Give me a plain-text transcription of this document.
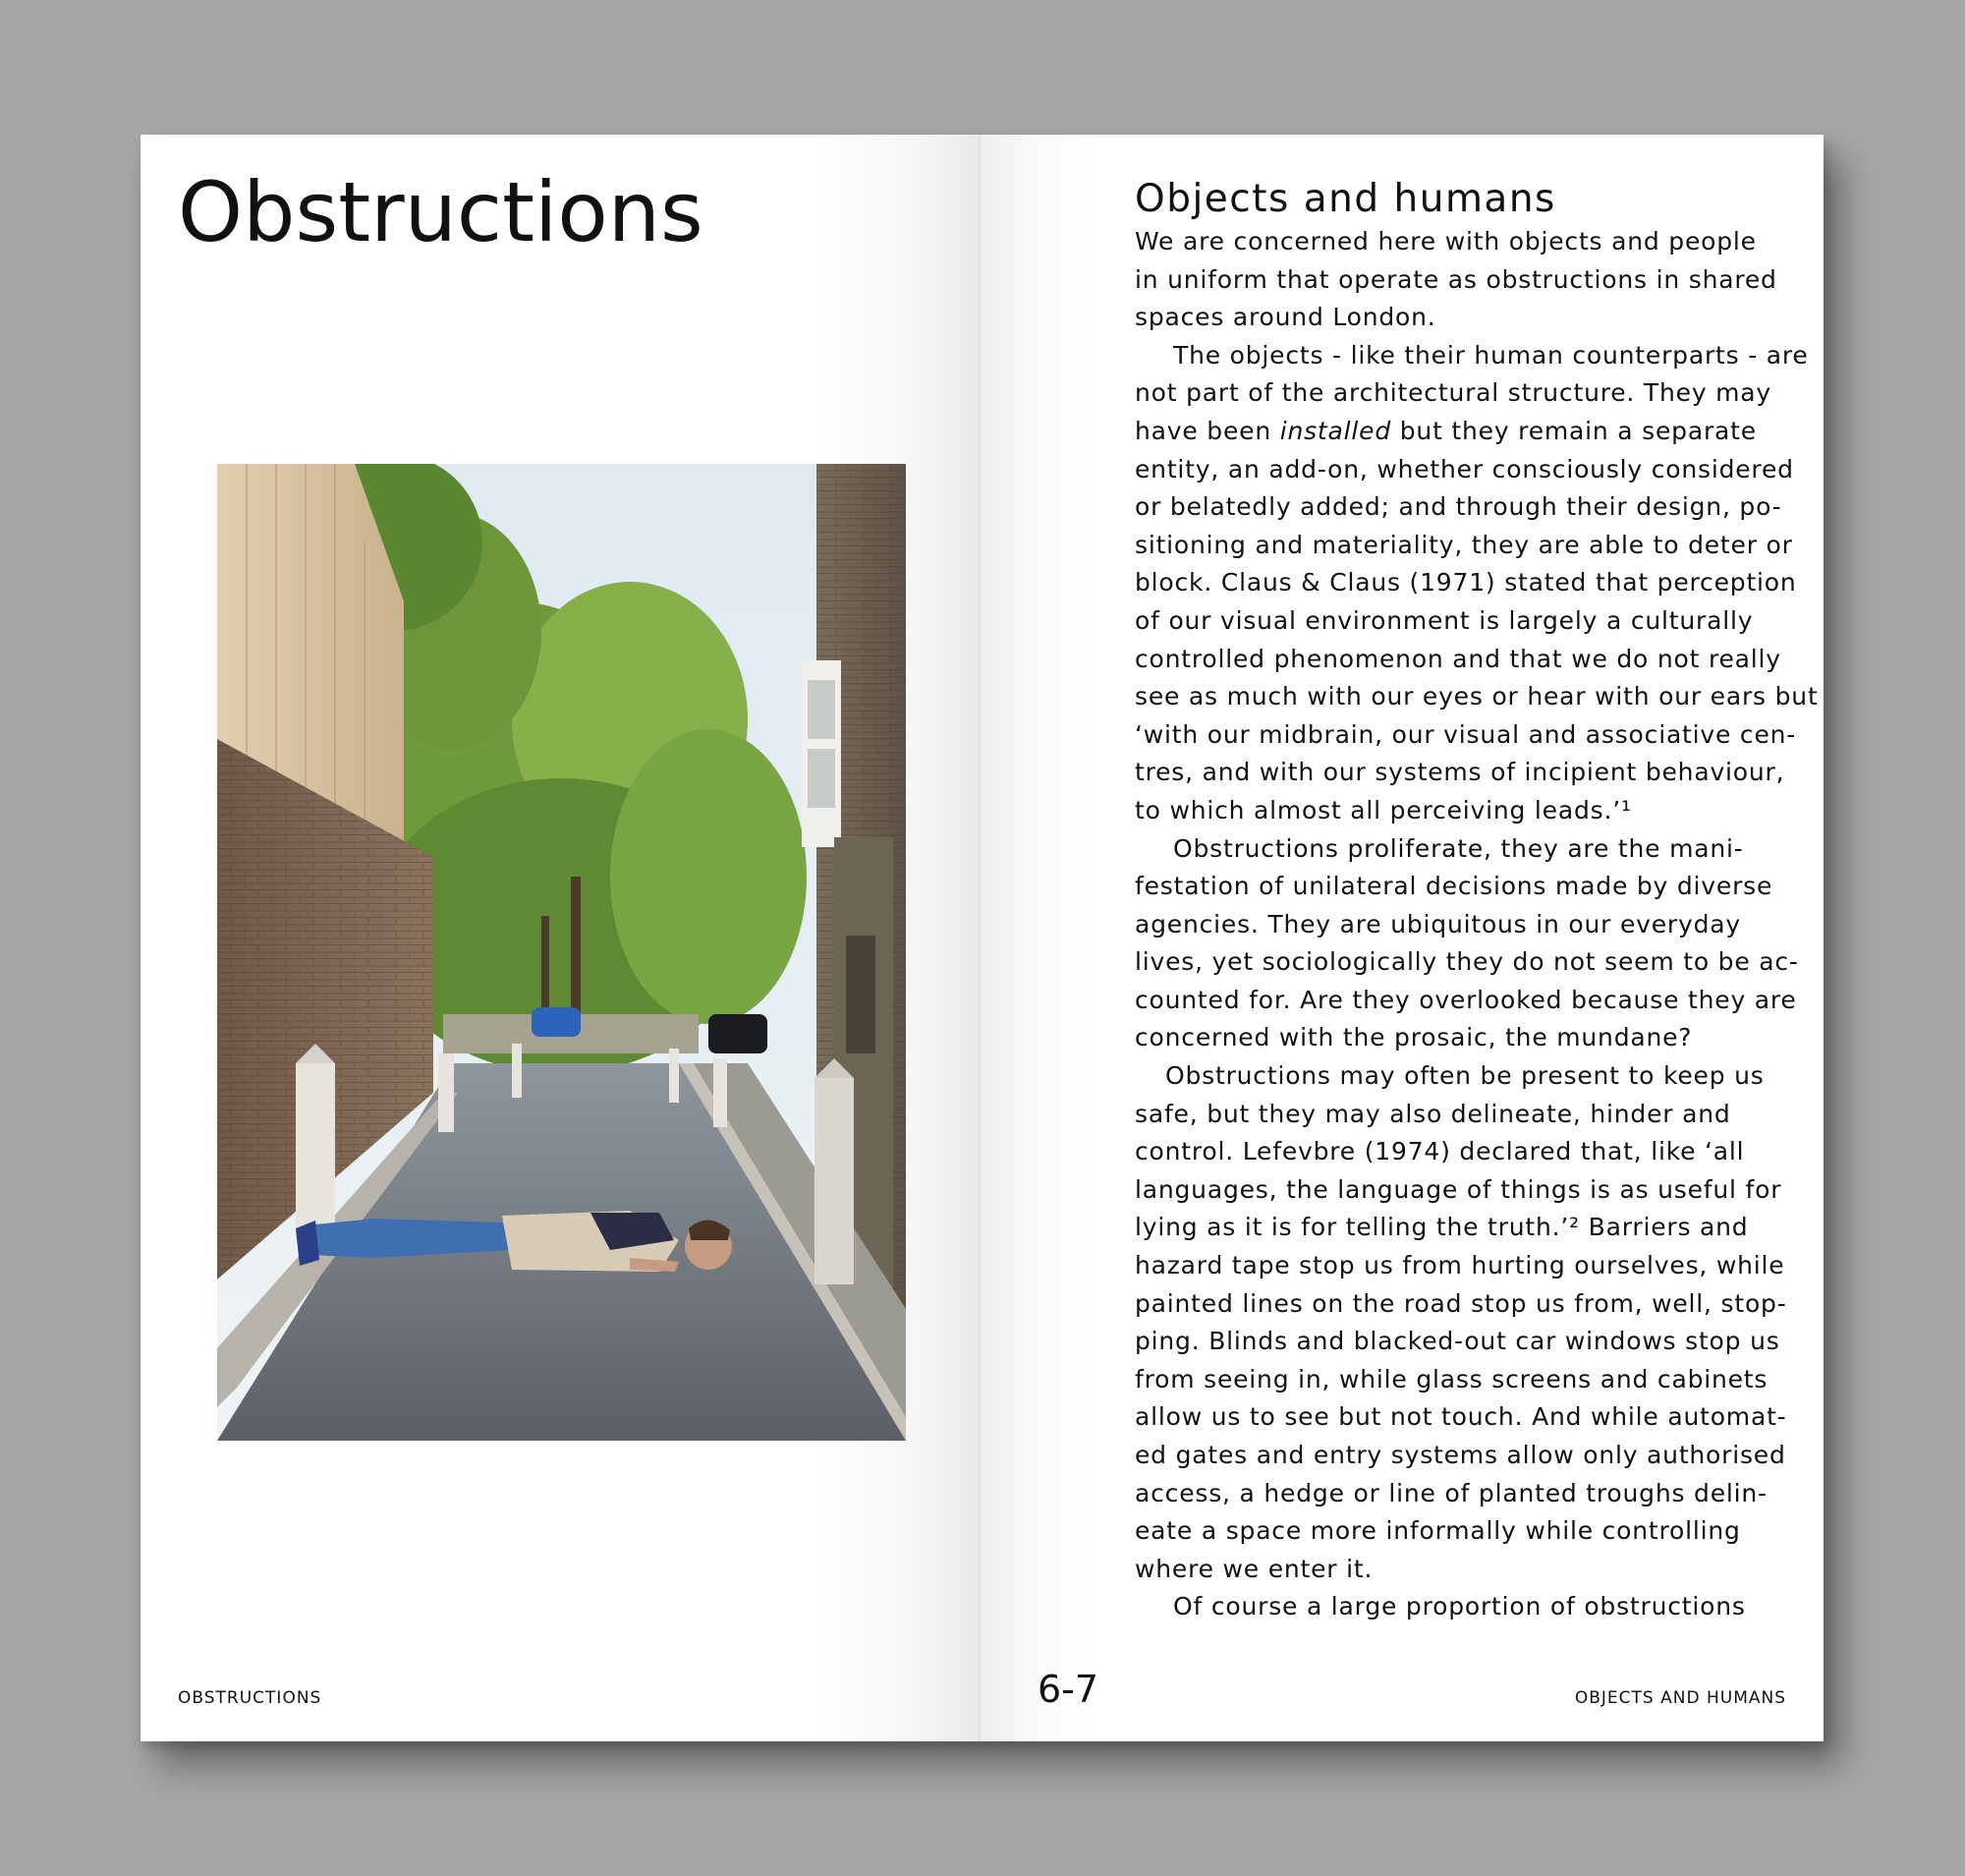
Obstructions

OBSTRUCTIONS

Objects and humans

We are concerned here with objects and people

in uniform that operate as obstructions in shared

spaces around London.

The objects - like their human counterparts - are

not part of the architectural structure. They may

have been installed but they remain a separate

entity, an add-on, whether consciously considered

or belatedly added; and through their design, po-

sitioning and materiality, they are able to deter or

block. Claus & Claus (1971) stated that perception

of our visual environment is largely a culturally

controlled phenomenon and that we do not really

see as much with our eyes or hear with our ears but

‘with our midbrain, our visual and associative cen-

tres, and with our systems of incipient behaviour,

to which almost all perceiving leads.’¹

Obstructions proliferate, they are the mani-

festation of unilateral decisions made by diverse

agencies. They are ubiquitous in our everyday

lives, yet sociologically they do not seem to be ac-

counted for. Are they overlooked because they are

concerned with the prosaic, the mundane?

Obstructions may often be present to keep us

safe, but they may also delineate, hinder and

control. Lefevbre (1974) declared that, like ‘all

languages, the language of things is as useful for

lying as it is for telling the truth.’² Barriers and

hazard tape stop us from hurting ourselves, while

painted lines on the road stop us from, well, stop-

ping. Blinds and blacked-out car windows stop us

from seeing in, while glass screens and cabinets

allow us to see but not touch. And while automat-

ed gates and entry systems allow only authorised

access, a hedge or line of planted troughs delin-

eate a space more informally while controlling

where we enter it.

Of course a large proportion of obstructions

OBJECTS AND HUMANS

6-7
